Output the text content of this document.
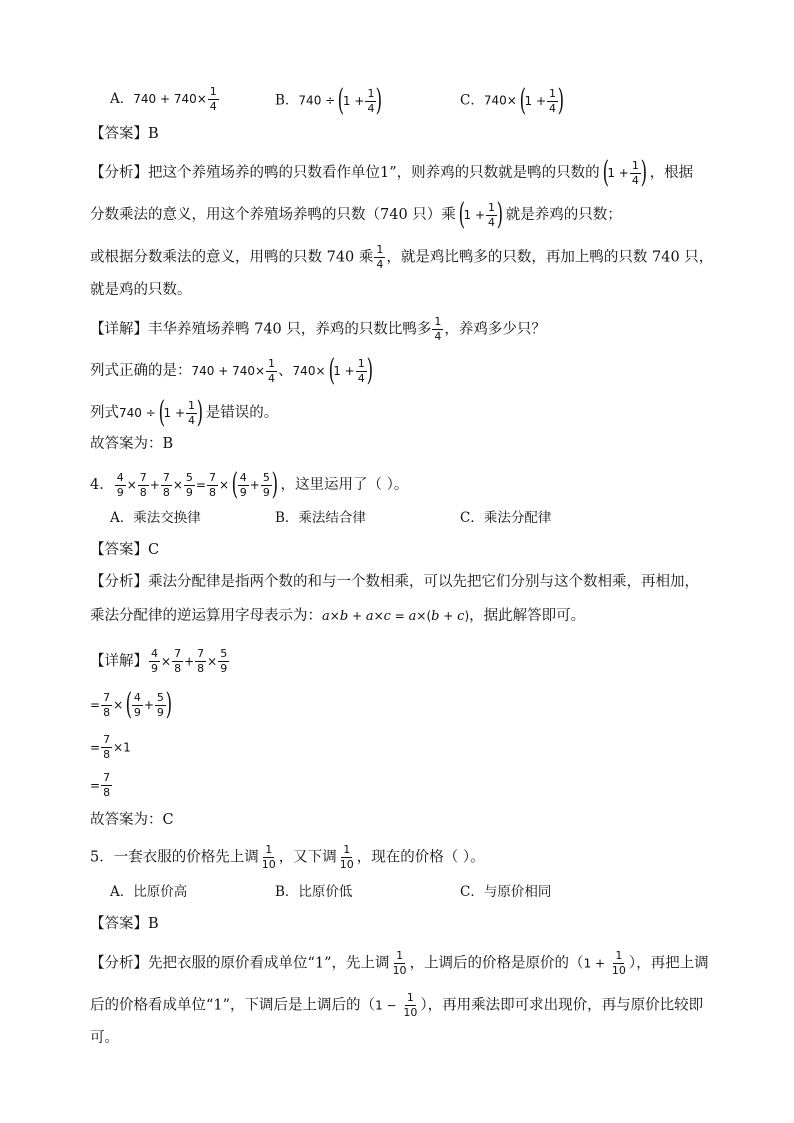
A．$740 + 740\times \frac{1}{4}$	B．740 ÷ (
$1 + \frac{1}{4}$ )	C．740× (
$1 + \frac{1}{4}$ )
【答案】B
【分析】把这个养殖场养的鸭的只数看作单位1”，则养鸡的只数就是鸭的只数的 (
$1 + \frac{1}{4}$ ) ，根据
分数乘法的意义，用这个养殖场养鸭的只数（740 只）乘 (
$1 + \frac{1}{4}$ ) 就是养鸡的只数；
或根据分数乘法的意义，用鸭的只数 740 乘 $\frac{1}{4}$ ，就是鸡比鸭多的只数，再加上鸭的只数 740 只，
就是鸡的只数。
【详解】丰华养殖场养鸭 740 只，养鸡的只数比鸭多 $\frac{1}{4}$ ，养鸡多少只？
列式正确的是：$740 + 740\times \frac{1}{4}$ 、740× (
$1 + \frac{1}{4}$ )
列式740 ÷ (
$1 + \frac{1}{4}$ ) 是错误的。
故答案为：B
4． $\frac{4}{9} \times \frac{7}{8} + \frac{7}{8} \times \frac{5}{9} = \frac{7}{8}$ × ( $\frac{4}{9} + \frac{5}{9}$ ) ，这里运用了（ ）。
A．乘法交换律	B．乘法结合律	C．乘法分配律
【答案】C
【分析】乘法分配律是指两个数的和与一个数相乘，可以先把它们分别与这个数相乘，再相加，
乘法分配律的逆运算用字母表示为：a×b + a×c = a×(b + c)，据此解答即可。
【详解】 $\frac{4}{9} \times \frac{7}{8} + \frac{7}{8} \times \frac{5}{9}$
= $\frac{7}{8}$ × ( $\frac{4}{9} + \frac{5}{9}$ )
= $\frac{7}{8} \times 1$
= $\frac{7}{8}$
故答案为：C
5．一套衣服的价格先上调 $\frac{1}{10}$ ，又下调 $\frac{1}{10}$ ，现在的价格（ ）。
A．比原价高	B．比原价低	C．与原价相同
【答案】B
【分析】先把衣服的原价看成单位“1”，先上调 $\frac{1}{10}$ ，上调后的价格是原价的（$1 + \frac{1}{10}$ ），再把上调
后的价格看成单位“1”，下调后是上调后的（$1 - \frac{1}{10}$ ），再用乘法即可求出现价，再与原价比较即
可。
